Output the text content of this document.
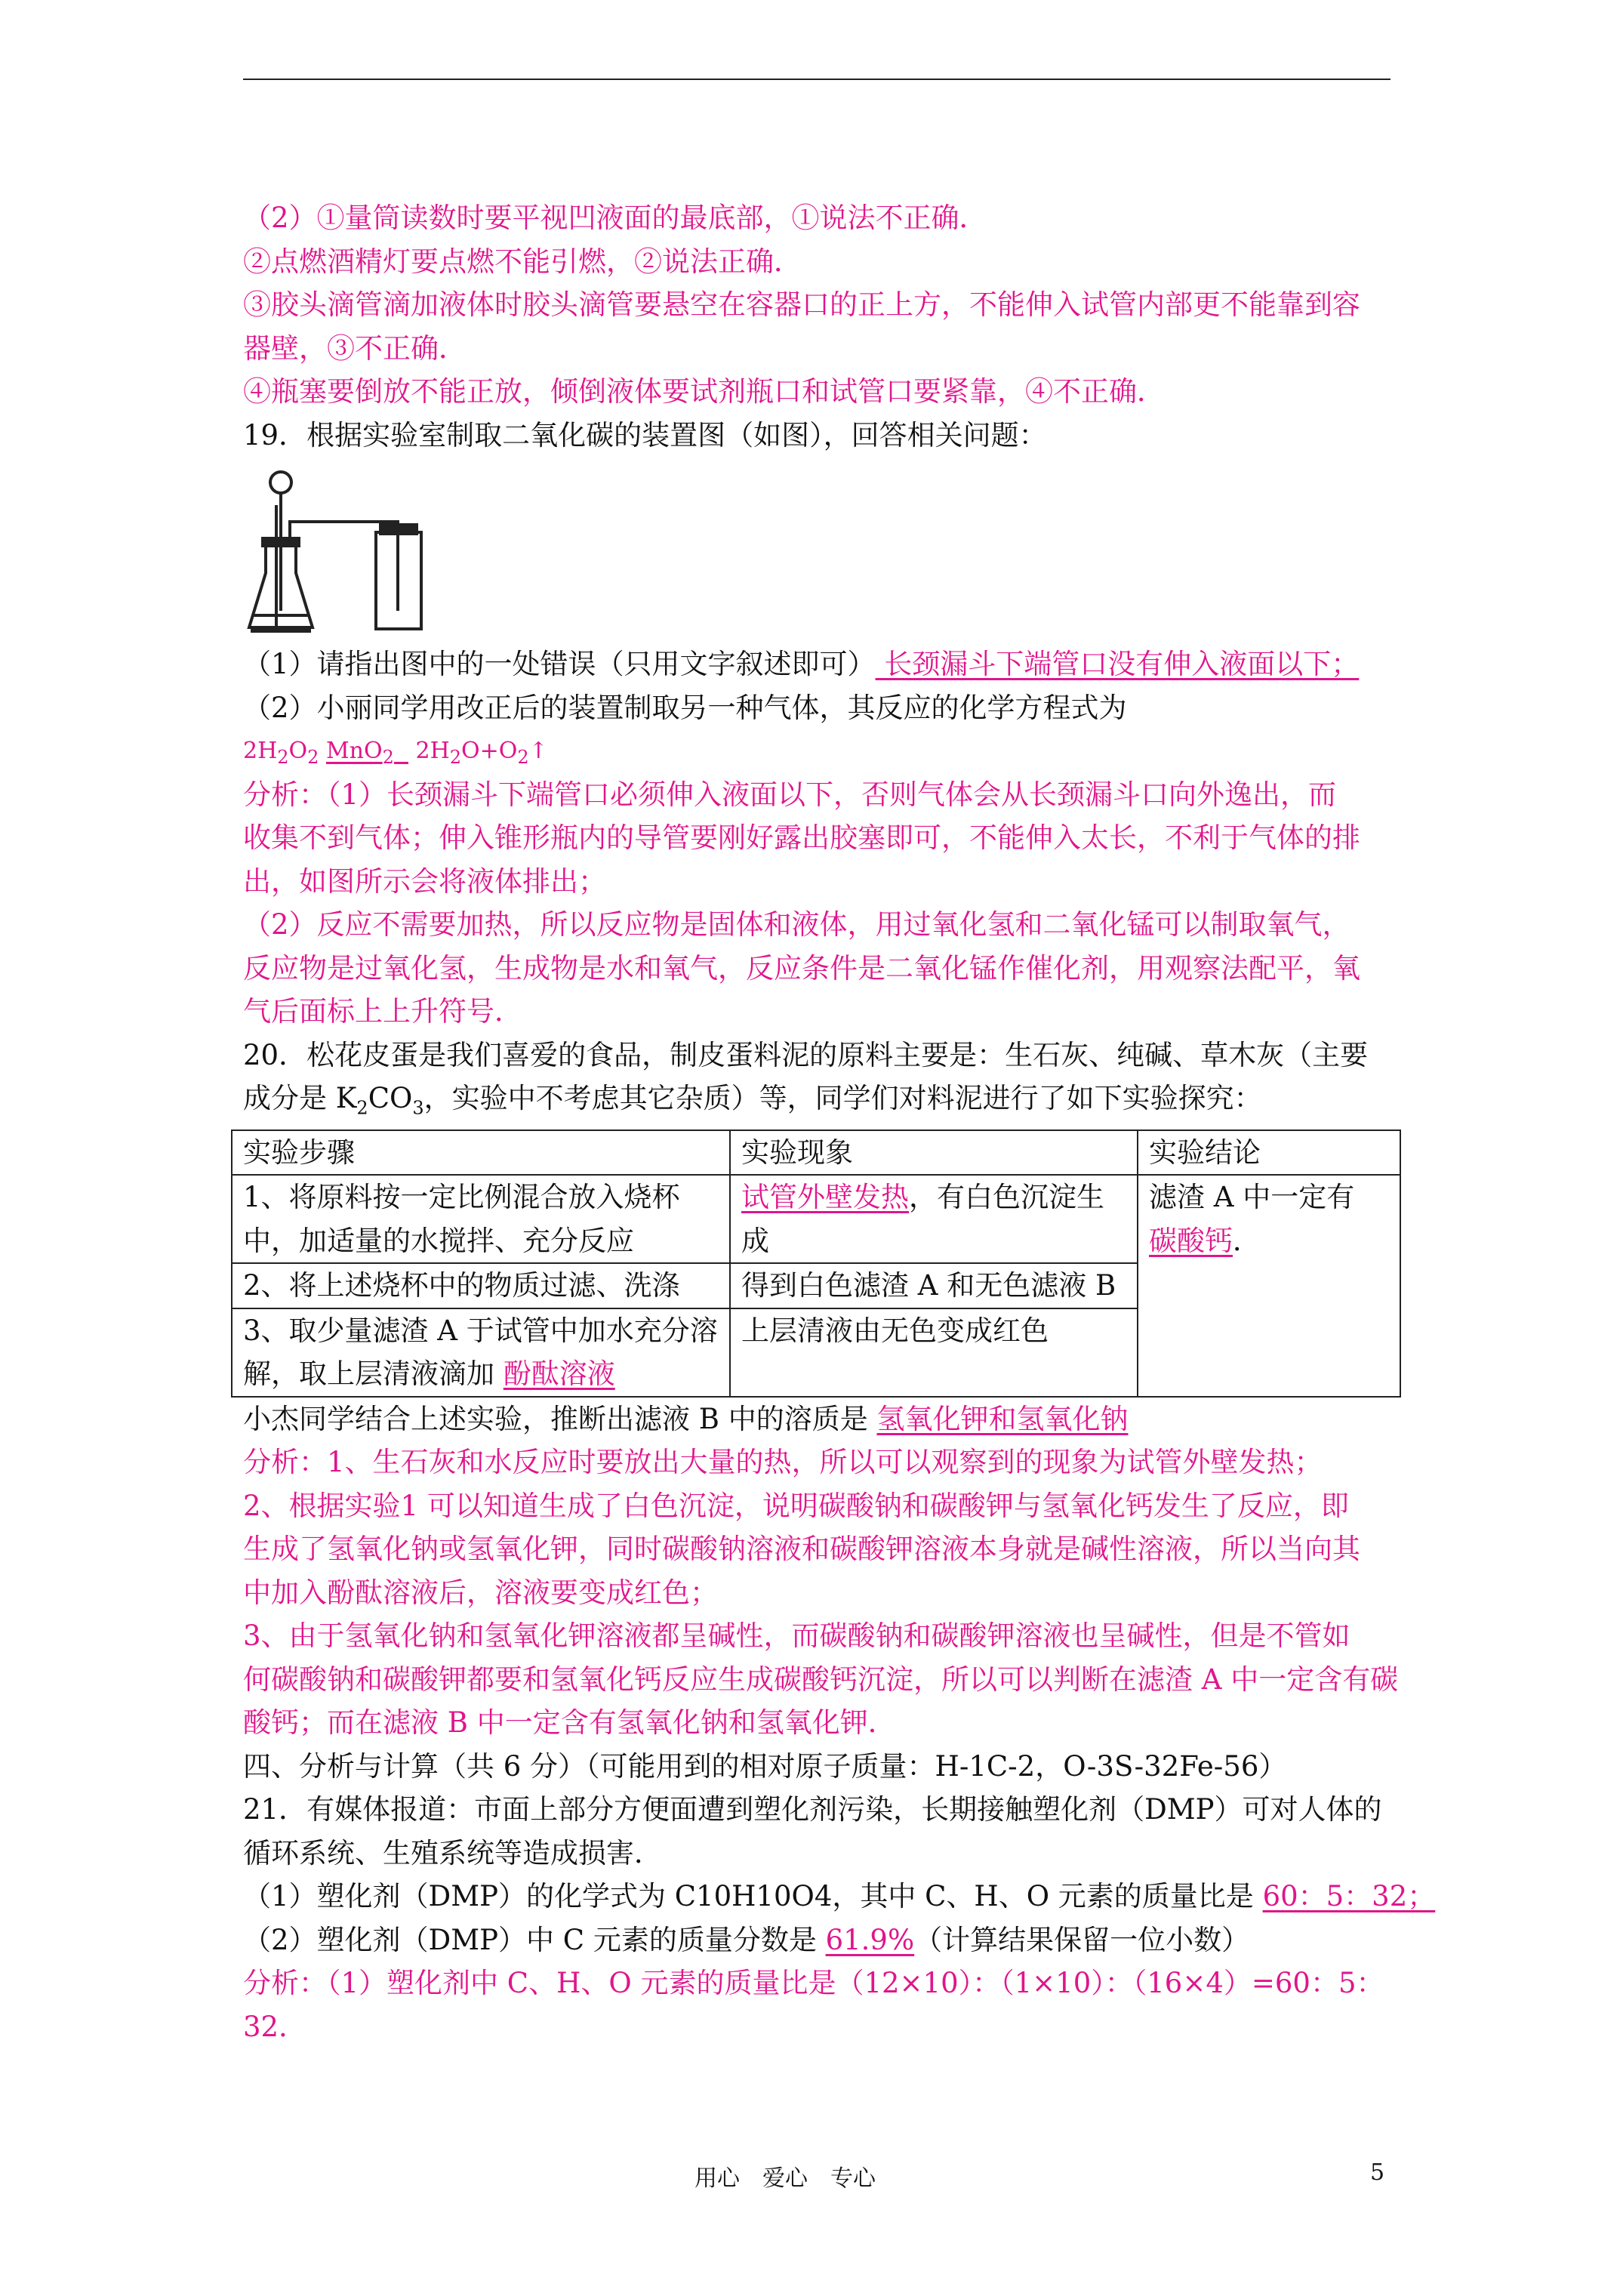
（2）①量筒读数时要平视凹液面的最底部，①说法不正确．
②点燃酒精灯要点燃不能引燃，②说法正确．
③胶头滴管滴加液体时胶头滴管要悬空在容器口的正上方，不能伸入试管内部更不能靠到容
器壁，③不正确．
④瓶塞要倒放不能正放，倾倒液体要试剂瓶口和试管口要紧靠，④不正确．
19．根据实验室制取二氧化碳的装置图（如图），回答相关问题：
（1）请指出图中的一处错误（只用文字叙述即可） 长颈漏斗下端管口没有伸入液面以下；
（2）小丽同学用改正后的装置制取另一种气体，其反应的化学方程式为
$2H_2O_2$ MnO$_2$ $2H_2O+O_2↑$
分析：（1）长颈漏斗下端管口必须伸入液面以下，否则气体会从长颈漏斗口向外逸出，而
收集不到气体；伸入锥形瓶内的导管要刚好露出胶塞即可，不能伸入太长，不利于气体的排
出，如图所示会将液体排出；
（2）反应不需要加热，所以反应物是固体和液体，用过氧化氢和二氧化锰可以制取氧气，
反应物是过氧化氢，生成物是水和氧气，反应条件是二氧化锰作催化剂，用观察法配平，氧
气后面标上上升符号．
20．松花皮蛋是我们喜爱的食品，制皮蛋料泥的原料主要是：生石灰、纯碱、草木灰（主要
成分是 $K_2CO_3$，实验中不考虑其它杂质）等，同学们对料泥进行了如下实验探究：
实验步骤	实验现象	实验结论
1、将原料按一定比例混合放入烧杯中，加适量的水搅拌、充分反应	试管外壁发热，有白色沉淀生成	滤渣 A 中一定有 碳酸钙．
2、将上述烧杯中的物质过滤、洗涤	得到白色滤渣 A 和无色滤液 B	
3、取少量滤渣 A 于试管中加水充分溶解，取上层清液滴加 酚酞溶液	上层清液由无色变成红色	
小杰同学结合上述实验，推断出滤液 B 中的溶质是 氢氧化钾和氢氧化钠
分析：1、生石灰和水反应时要放出大量的热，所以可以观察到的现象为试管外壁发热；
2、根据实验1 可以知道生成了白色沉淀，说明碳酸钠和碳酸钾与氢氧化钙发生了反应，即
生成了氢氧化钠或氢氧化钾，同时碳酸钠溶液和碳酸钾溶液本身就是碱性溶液，所以当向其
中加入酚酞溶液后，溶液要变成红色；
3、由于氢氧化钠和氢氧化钾溶液都呈碱性，而碳酸钠和碳酸钾溶液也呈碱性，但是不管如
何碳酸钠和碳酸钾都要和氢氧化钙反应生成碳酸钙沉淀，所以可以判断在滤渣 A 中一定含有碳
酸钙；而在滤液 B 中一定含有氢氧化钠和氢氧化钾．
四、分析与计算（共 6 分）（可能用到的相对原子质量：H-1C-2，O-3S-32Fe-56）
21．有媒体报道：市面上部分方便面遭到塑化剂污染，长期接触塑化剂（DMP）可对人体的
循环系统、生殖系统等造成损害．
（1）塑化剂（DMP）的化学式为 C10H10O4，其中 C、H、O 元素的质量比是 60：5：32；
（2）塑化剂（DMP）中 C 元素的质量分数是 61.9%（计算结果保留一位小数）
分析：（1）塑化剂中 C、H、O 元素的质量比是（12×10）：（1×10）：（16×4）=60：5：
32．
用心　爱心　专心	5
